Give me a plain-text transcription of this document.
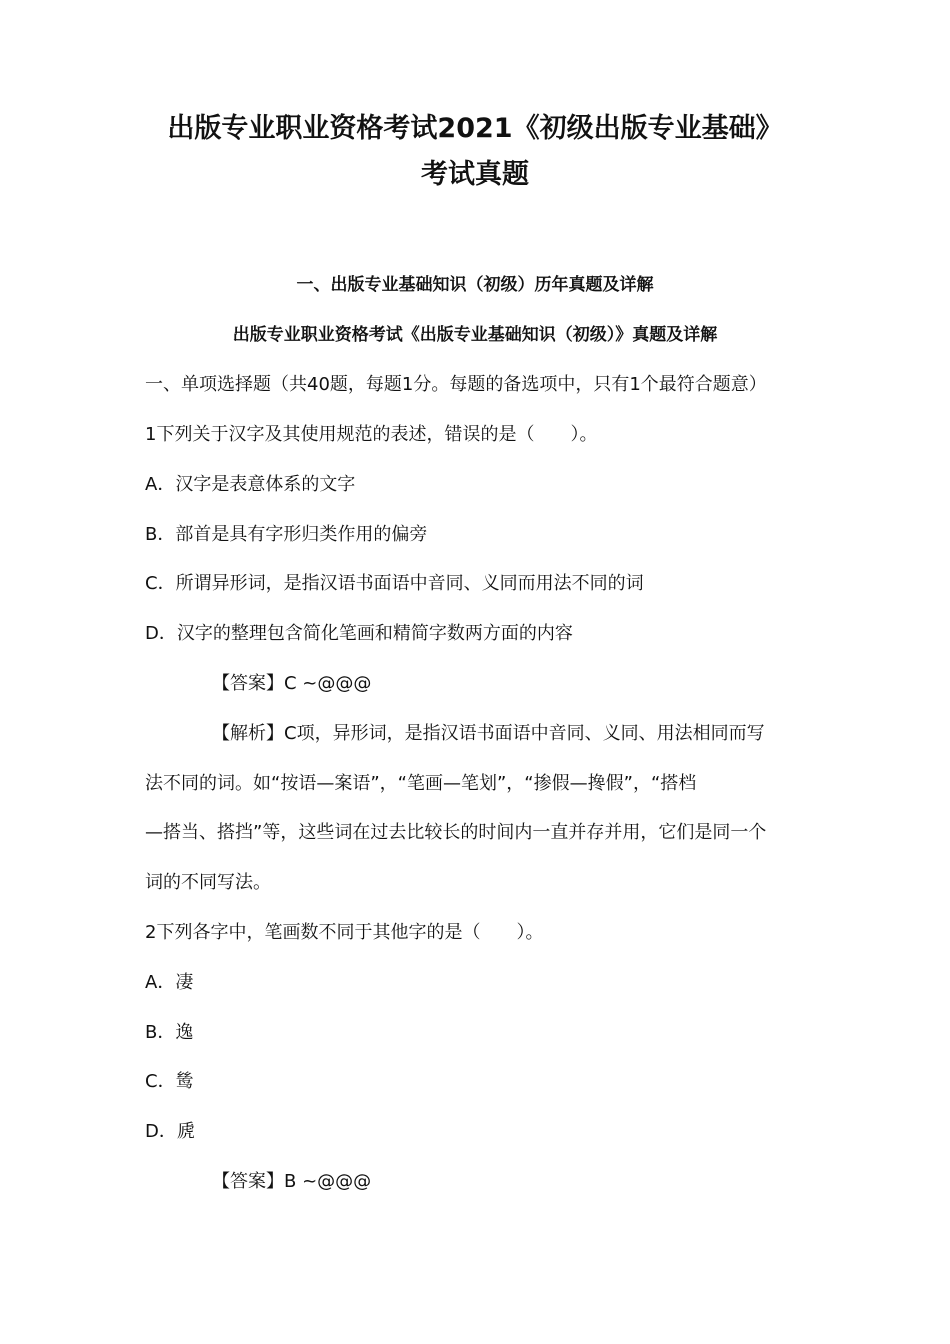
出版专业职业资格考试2021《初级出版专业基础》
考试真题
一、出版专业基础知识（初级）历年真题及详解
出版专业职业资格考试《出版专业基础知识（初级）》真题及详解
一、单项选择题（共40题，每题1分。每题的备选项中，只有1个最符合题意）
1下列关于汉字及其使用规范的表述，错误的是（　　）。
A．汉字是表意体系的文字
B．部首是具有字形归类作用的偏旁
C．所谓异形词，是指汉语书面语中音同、义同而用法不同的词
D．汉字的整理包含简化笔画和精简字数两方面的内容
【答案】C ~@@@
【解析】C项，异形词，是指汉语书面语中音同、义同、用法相同而写
法不同的词。如“按语—案语”，“笔画—笔划”，“掺假—搀假”，“搭档
—搭当、搭挡”等，这些词在过去比较长的时间内一直并存并用，它们是同一个
词的不同写法。
2下列各字中，笔画数不同于其他字的是（　　）。
A．凄
B．逸
C．鸶
D．虒
【答案】B ~@@@
